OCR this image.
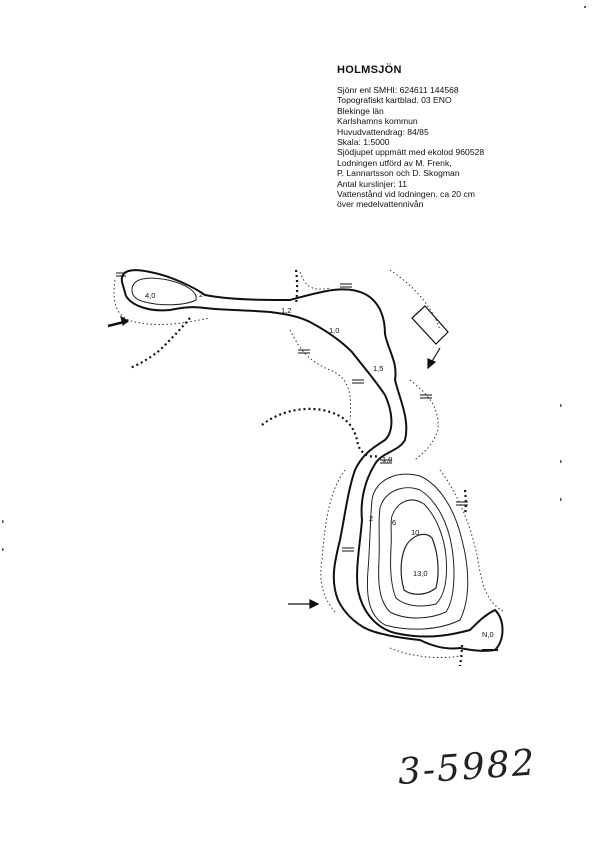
HOLMSJÖN
Sjönr enl SMHI: 624611 144568
Topografiskt kartblad. 03 ENO
Blekinge län
Karlshamns kommun
Huvudvattendrag: 84/85
Skala: 1:5000
Sjödjupet uppmätt med ekolod 960528
Lodningen utförd av M. Frenk,
P. Lannartsson och D. Skogman
Antal kurslinjer: 11
Vattenstånd vid lodningen. ca 20 cm
över medelvattennivån
4,0	2
1,2
1,0
1,5
1,0
2	6
10
13,0
N,0
3-5982
